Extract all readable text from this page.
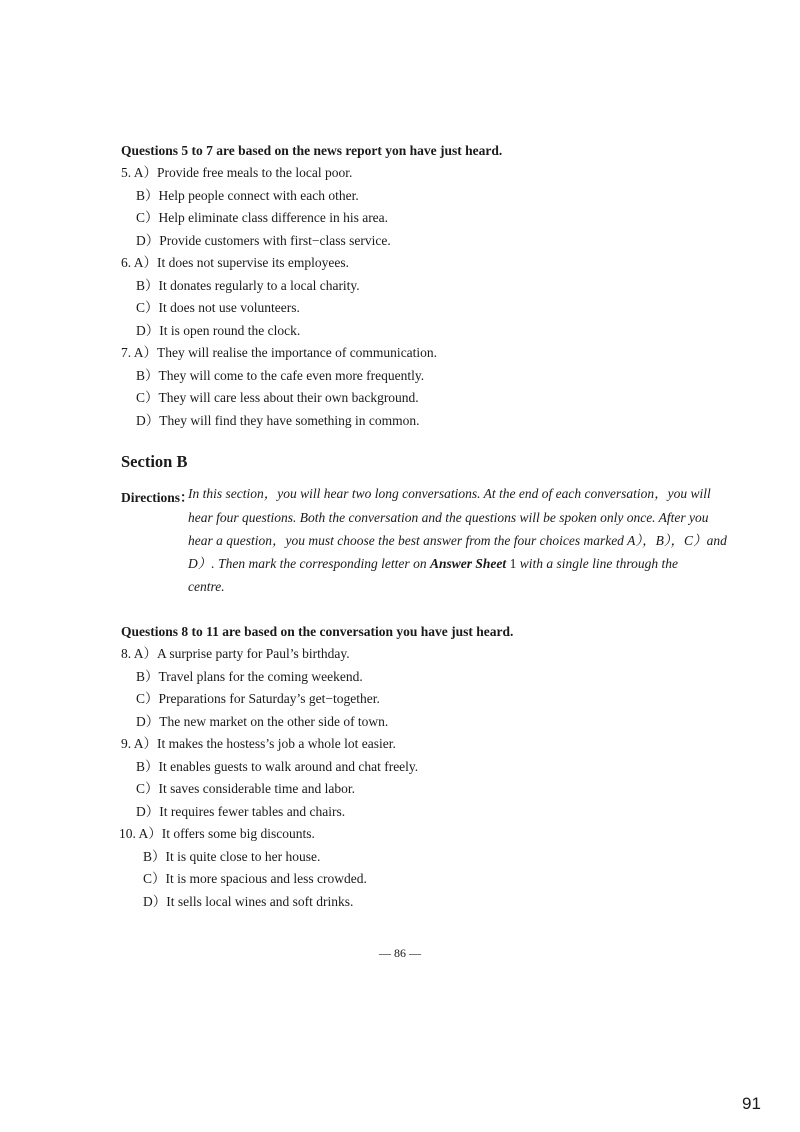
Questions 5 to 7 are based on the news report yon have just heard.
5. A）Provide free meals to the local poor.
B）Help people connect with each other.
C）Help eliminate class difference in his area.
D）Provide customers with first−class service.
6. A）It does not supervise its employees.
B）It donates regularly to a local charity.
C）It does not use volunteers.
D）It is open round the clock.
7. A）They will realise the importance of communication.
B）They will come to the cafe even more frequently.
C）They will care less about their own background.
D）They will find they have something in common.
Section B
Directions：
In this section，you will hear two long conversations. At the end of each conversation，you will
hear four questions. Both the conversation and the questions will be spoken only once. After you
hear a question，you must choose the best answer from the four choices marked A），B），C）and
D）. Then mark the corresponding letter on Answer Sheet 1 with a single line through the
centre.
Questions 8 to 11 are based on the conversation you have just heard.
8. A）A surprise party for Paul’s birthday.
B）Travel plans for the coming weekend.
C）Preparations for Saturday’s get−together.
D）The new market on the other side of town.
9. A）It makes the hostess’s job a whole lot easier.
B）It enables guests to walk around and chat freely.
C）It saves considerable time and labor.
D）It requires fewer tables and chairs.
10. A）It offers some big discounts.
B）It is quite close to her house.
C）It is more spacious and less crowded.
D）It sells local wines and soft drinks.
— 86 —
91
